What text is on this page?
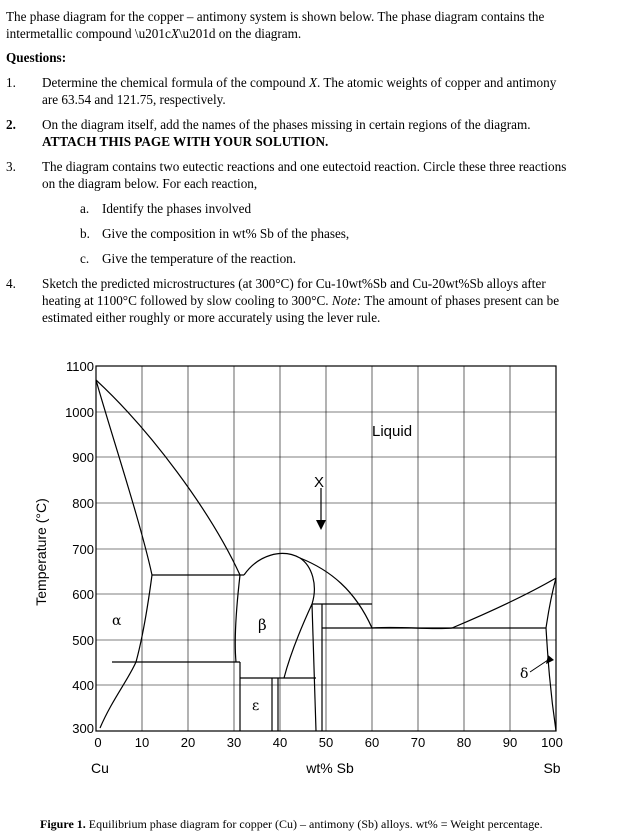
The phase diagram for the copper – antimony system is shown below. The phase diagram contains the

intermetallic compound \u201cX\u201d on the diagram.

Questions:

1. Determine the chemical formula of the compound X. The atomic weights of copper and antimony

are 63.54 and 121.75, respectively.

2. On the diagram itself, add the names of the phases missing in certain regions of the diagram.

ATTACH THIS PAGE WITH YOUR SOLUTION.

3. The diagram contains two eutectic reactions and one eutectoid reaction. Circle these three reactions

on the diagram below. For each reaction,

a. Identify the phases involved
b. Give the composition in wt% Sb of the phases,
c. Give the temperature of the reaction.
4. Sketch the predicted microstructures (at 300°C) for Cu-10wt%Sb and Cu-20wt%Sb alloys after

heating at 1100°C followed by slow cooling to 300°C. Note: The amount of phases present can be

estimated either roughly or more accurately using the lever rule.

Liquid
X
α	β
ε
δ
1100
1000
900
800
700
600
500
400
300
0	10 20 30 40 50 60 70 80 90 100
Cu	wt% Sb	Sb
Temperature (°C)

Figure 1. Equilibrium phase diagram for copper (Cu) – antimony (Sb) alloys. wt% = Weight percentage.
